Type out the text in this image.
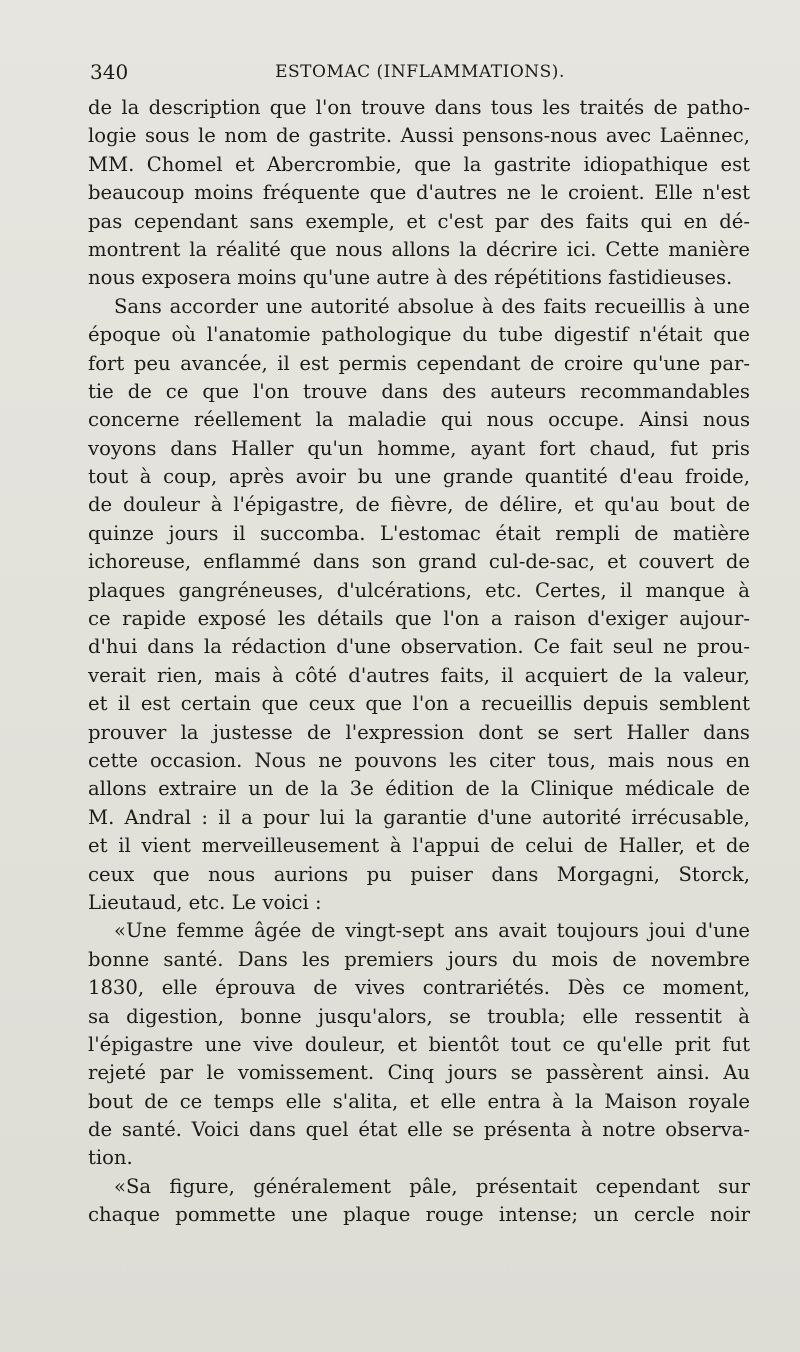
340	ESTOMAC (INFLAMMATIONS).
de la description que l'on trouve dans tous les traités de patho-
logie sous le nom de gastrite. Aussi pensons-nous avec Laënnec,
MM. Chomel et Abercrombie, que la gastrite idiopathique est
beaucoup moins fréquente que d'autres ne le croient. Elle n'est
pas cependant sans exemple, et c'est par des faits qui en dé-
montrent la réalité que nous allons la décrire ici. Cette manière
nous exposera moins qu'une autre à des répétitions fastidieuses.
Sans accorder une autorité absolue à des faits recueillis à une
époque où l'anatomie pathologique du tube digestif n'était que
fort peu avancée, il est permis cependant de croire qu'une par-
tie de ce que l'on trouve dans des auteurs recommandables
concerne réellement la maladie qui nous occupe. Ainsi nous
voyons dans Haller qu'un homme, ayant fort chaud, fut pris
tout à coup, après avoir bu une grande quantité d'eau froide,
de douleur à l'épigastre, de fièvre, de délire, et qu'au bout de
quinze jours il succomba. L'estomac était rempli de matière
ichoreuse, enflammé dans son grand cul-de-sac, et couvert de
plaques gangréneuses, d'ulcérations, etc. Certes, il manque à
ce rapide exposé les détails que l'on a raison d'exiger aujour-
d'hui dans la rédaction d'une observation. Ce fait seul ne prou-
verait rien, mais à côté d'autres faits, il acquiert de la valeur,
et il est certain que ceux que l'on a recueillis depuis semblent
prouver la justesse de l'expression dont se sert Haller dans
cette occasion. Nous ne pouvons les citer tous, mais nous en
allons extraire un de la 3e édition de la Clinique médicale de
M. Andral : il a pour lui la garantie d'une autorité irrécusable,
et il vient merveilleusement à l'appui de celui de Haller, et de
ceux que nous aurions pu puiser dans Morgagni, Storck,
Lieutaud, etc. Le voici :
«Une femme âgée de vingt-sept ans avait toujours joui d'une
bonne santé. Dans les premiers jours du mois de novembre
1830, elle éprouva de vives contrariétés. Dès ce moment,
sa digestion, bonne jusqu'alors, se troubla; elle ressentit à
l'épigastre une vive douleur, et bientôt tout ce qu'elle prit fut
rejeté par le vomissement. Cinq jours se passèrent ainsi. Au
bout de ce temps elle s'alita, et elle entra à la Maison royale
de santé. Voici dans quel état elle se présenta à notre observa-
tion.
«Sa figure, généralement pâle, présentait cependant sur
chaque pommette une plaque rouge intense; un cercle noir
